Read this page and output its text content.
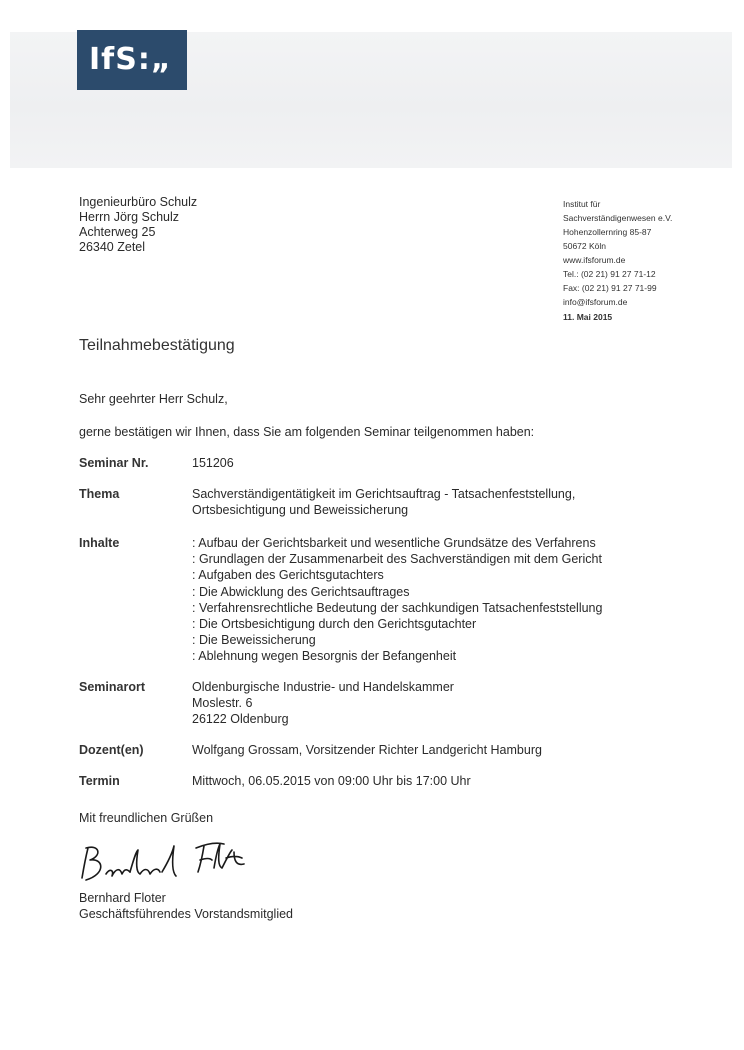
IfS:„
Ingenieurbüro Schulz
Herrn Jörg Schulz
Achterweg 25
26340 Zetel
Institut für
Sachverständigenwesen e.V.
Hohenzollernring 85-87
50672 Köln
www.ifsforum.de
Tel.: (02 21) 91 27 71-12
Fax: (02 21) 91 27 71-99
info@ifsforum.de
11. Mai 2015
Teilnahmebestätigung
Sehr geehrter Herr Schulz,
gerne bestätigen wir Ihnen, dass Sie am folgenden Seminar teilgenommen haben:
Seminar Nr.	151206
Thema	Sachverständigentätigkeit im Gerichtsauftrag - Tatsachenfeststellung, Ortsbesichtigung und Beweissicherung
Inhalte	: Aufbau der Gerichtsbarkeit und wesentliche Grundsätze des Verfahrens
: Grundlagen der Zusammenarbeit des Sachverständigen mit dem Gericht
: Aufgaben des Gerichtsgutachters
: Die Abwicklung des Gerichtsauftrages
: Verfahrensrechtliche Bedeutung der sachkundigen Tatsachenfeststellung
: Die Ortsbesichtigung durch den Gerichtsgutachter
: Die Beweissicherung
: Ablehnung wegen Besorgnis der Befangenheit
Seminarort	Oldenburgische Industrie- und Handelskammer
Moslestr. 6
26122 Oldenburg
Dozent(en)	Wolfgang Grossam, Vorsitzender Richter Landgericht Hamburg
Termin	Mittwoch, 06.05.2015 von 09:00 Uhr bis 17:00 Uhr
Mit freundlichen Grüßen
Bernhard Floter
Geschäftsführendes Vorstandsmitglied
